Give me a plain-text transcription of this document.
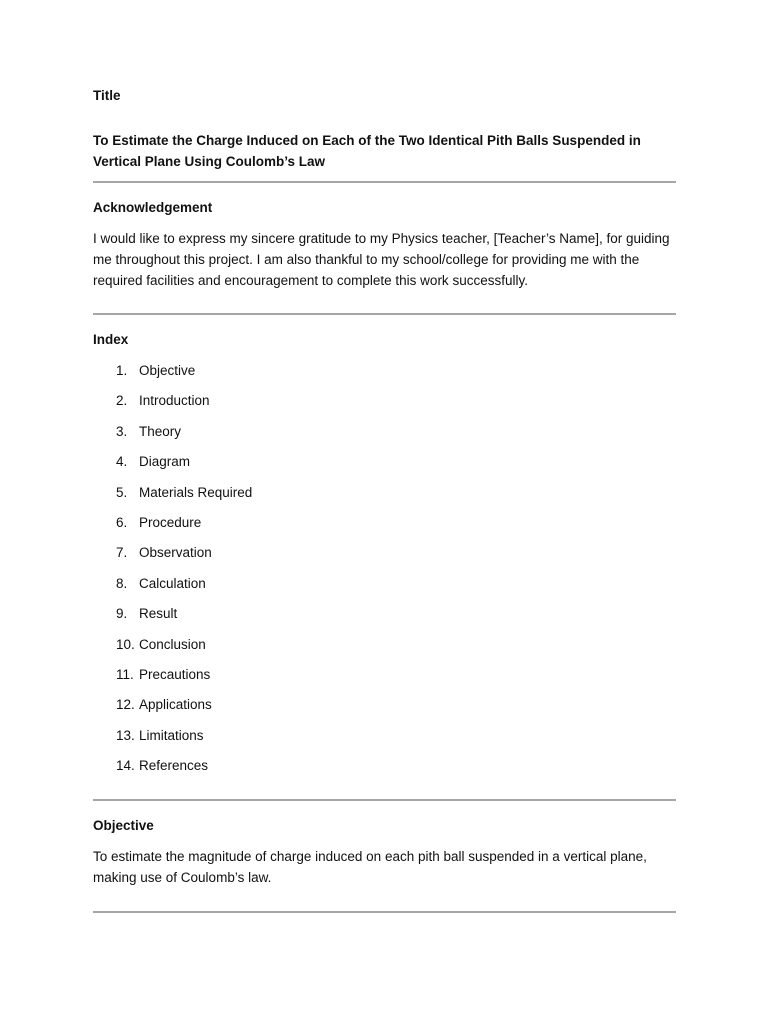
Title

To Estimate the Charge Induced on Each of the Two Identical Pith Balls Suspended in Vertical Plane Using Coulomb’s Law

Acknowledgement

I would like to express my sincere gratitude to my Physics teacher, [Teacher’s Name], for guiding me throughout this project. I am also thankful to my school/college for providing me with the required facilities and encouragement to complete this work successfully.

Index
1. Objective
2. Introduction
3. Theory
4. Diagram
5. Materials Required
6. Procedure
7. Observation
8. Calculation
9. Result
10. Conclusion
11. Precautions
12. Applications
13. Limitations
14. References
Objective

To estimate the magnitude of charge induced on each pith ball suspended in a vertical plane, making use of Coulomb’s law.
